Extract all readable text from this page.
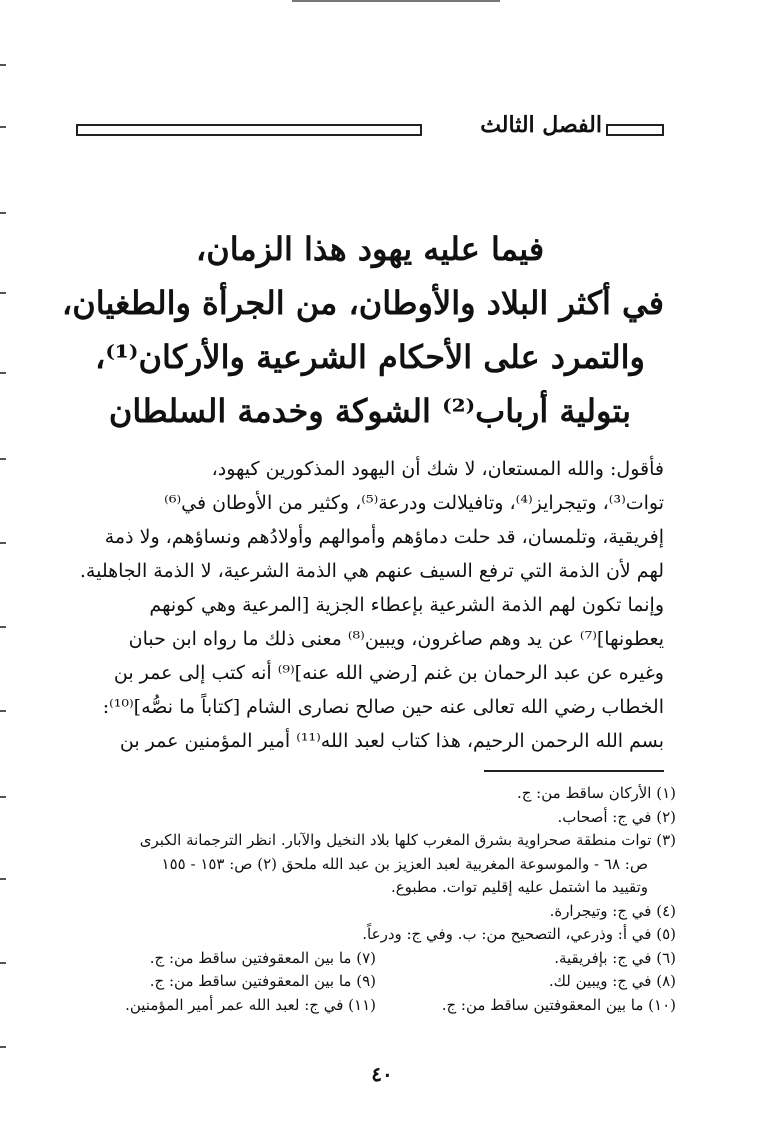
الفصل الثالث
فيما عليه يهود هذا الزمان،
في أكثر البلاد والأوطان، من الجرأة والطغيان،
والتمرد على الأحكام الشرعية والأركان⁽¹⁾،
بتولية أرباب⁽²⁾ الشوكة وخدمة السلطان
فأقول: والله المستعان، لا شك أن اليهود المذكورين كيهود،
توات⁽³⁾، وتيجرايز⁽⁴⁾، وتافيلالت ودرعة⁽⁵⁾، وكثير من الأوطان في⁽⁶⁾
إفريقية، وتلمسان، قد حلت دماؤهم وأموالهم وأولادُهم ونساؤهم، ولا ذمة
لهم لأن الذمة التي ترفع السيف عنهم هي الذمة الشرعية، لا الذمة الجاهلية.
وإنما تكون لهم الذمة الشرعية بإعطاء الجزية [المرعية وهي كونهم
يعطونها]⁽⁷⁾ عن يد وهم صاغرون، ويبين⁽⁸⁾ معنى ذلك ما رواه ابن حبان
وغيره عن عبد الرحمان بن غنم [رضي الله عنه]⁽⁹⁾ أنه كتب إلى عمر بن
الخطاب رضي الله تعالى عنه حين صالح نصارى الشام [كتاباً ما نصُّه]⁽¹⁰⁾:
بسم الله الرحمن الرحيم، هذا كتاب لعبد الله⁽¹¹⁾ أمير المؤمنين عمر بن
(١) الأركان ساقط من: ج.
(٢) في ج: أصحاب.
(٣) توات منطقة صحراوية بشرق المغرب كلها بلاد النخيل والآبار. انظر الترجمانة الكبرى
ص: ٦٨ - والموسوعة المغربية لعبد العزيز بن عبد الله ملحق (٢) ص: ١٥٣ - ١٥٥
وتقييد ما اشتمل عليه إقليم توات. مطبوع.
(٤) في ج: وتيجرارة.
(٥) في أ: وذرعي، التصحيح من: ب. وفي ج: ودرعاً.
(٦) في ج: بإفريقية.
(٧) ما بين المعقوفتين ساقط من: ج.
(٨) في ج: ويبين لك.
(٩) ما بين المعقوفتين ساقط من: ج.
(١٠) ما بين المعقوفتين ساقط من: ج.
(١١) في ج: لعبد الله عمر أمير المؤمنين.
٤٠
